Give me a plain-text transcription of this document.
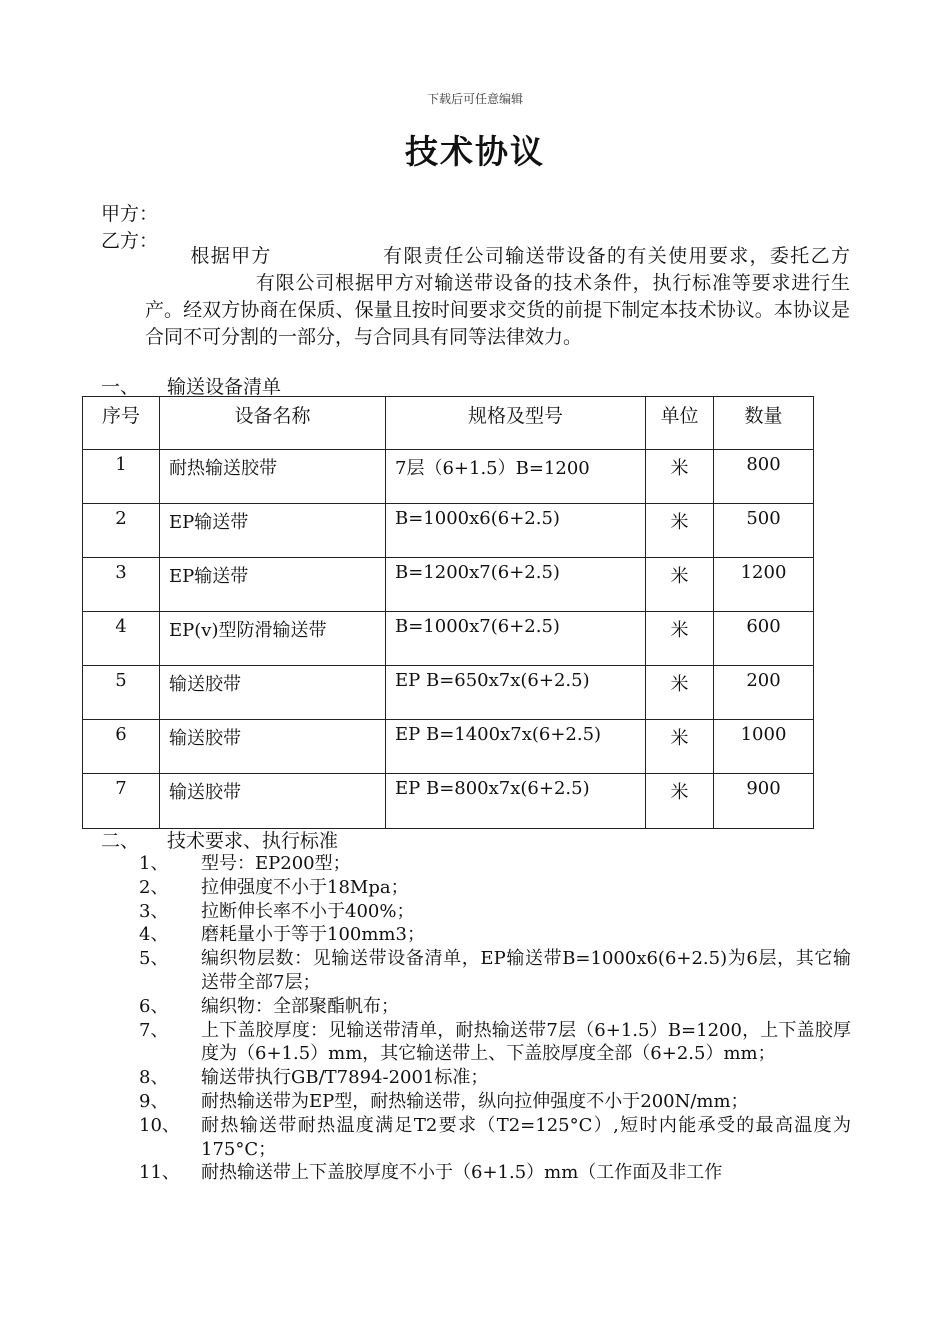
下载后可任意编辑
技术协议
甲方：
乙方：
根据甲方	有限责任公司输送带设备的有关使用要求，委托乙方有限公司根据甲方对输送带设备的技术条件，执行标准等要求进行生产。经双方协商在保质、保量且按时间要求交货的前提下制定本技术协议。本协议是合同不可分割的一部分，与合同具有同等法律效力。
一、 输送设备清单
序号	设备名称	规格及型号	单位	数量
1	耐热输送胶带	7层（6+1.5）B=1200	米	800
2	EP输送带	B=1000x6(6+2.5)	米	500
3	EP输送带	B=1200x7(6+2.5)	米	1200
4	EP(v)型防滑输送带	B=1000x7(6+2.5)	米	600
5	输送胶带	EP B=650x7x(6+2.5)	米	200
6	输送胶带	EP B=1400x7x(6+2.5)	米	1000
7	输送胶带	EP B=800x7x(6+2.5)	米	900
二、 技术要求、执行标准
1、	型号：EP200型；
2、	拉伸强度不小于18Mpa；
3、	拉断伸长率不小于400%；
4、	磨耗量小于等于100mm3；
5、	编织物层数：见输送带设备清单，EP输送带B=1000x6(6+2.5)为6层，其它输送带全部7层；
6、	编织物：全部聚酯帆布；
7、	上下盖胶厚度：见输送带清单，耐热输送带7层（6+1.5）B=1200，上下盖胶厚度为（6+1.5）mm，其它输送带上、下盖胶厚度全部（6+2.5）mm；
8、	输送带执行GB/T7894-2001标准；
9、	耐热输送带为EP型，耐热输送带，纵向拉伸强度不小于200N/mm；
10、	耐热输送带耐热温度满足T2要求（T2=125°C）,短时内能承受的最高温度为175°C；
11、	耐热输送带上下盖胶厚度不小于（6+1.5）mm（工作面及非工作
